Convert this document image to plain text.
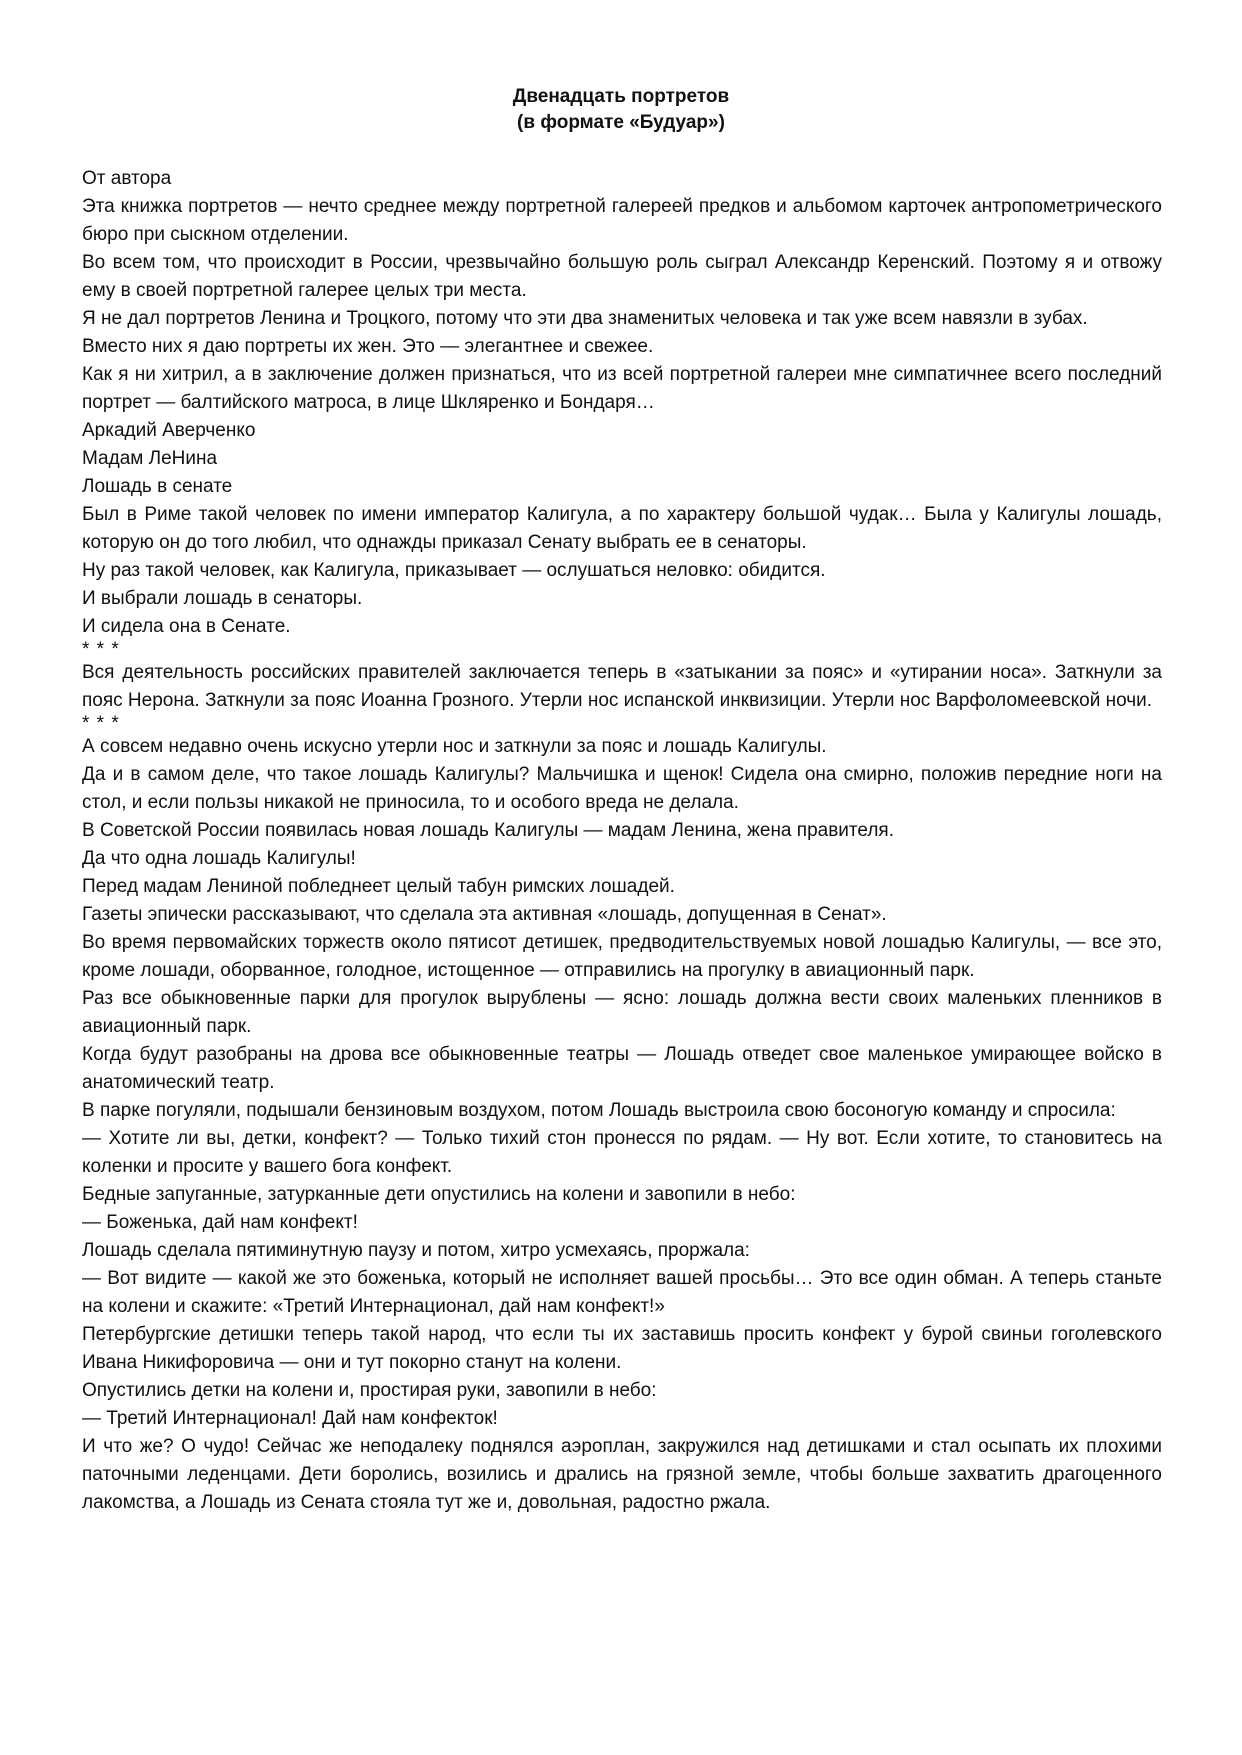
Двенадцать портретов

(в формате «Будуар»)

От автора

Эта книжка портретов — нечто среднее между портретной галереей предков и альбомом карточек антропометрического бюро при сыскном отделении.

Во всем том, что происходит в России, чрезвычайно большую роль сыграл Александр Керенский. Поэтому я и отвожу ему в своей портретной галерее целых три места.

Я не дал портретов Ленина и Троцкого, потому что эти два знаменитых человека и так уже всем навязли в зубах.

Вместо них я даю портреты их жен. Это — элегантнее и свежее.

Как я ни хитрил, а в заключение должен признаться, что из всей портретной галереи мне симпатичнее всего последний портрет — балтийского матроса, в лице Шкляренко и Бондаря…

Аркадий Аверченко

Мадам ЛеНина

Лошадь в сенате

Был в Риме такой человек по имени император Калигула, а по характеру большой чудак… Была у Калигулы лошадь, которую он до того любил, что однажды приказал Сенату выбрать ее в сенаторы.

Ну раз такой человек, как Калигула, приказывает — ослушаться неловко: обидится.

И выбрали лошадь в сенаторы.

И сидела она в Сенате.

* * *

Вся деятельность российских правителей заключается теперь в «затыкании за пояс» и «утирании носа». Заткнули за пояс Нерона. Заткнули за пояс Иоанна Грозного. Утерли нос испанской инквизиции. Утерли нос Варфоломеевской ночи.

* * *

А совсем недавно очень искусно утерли нос и заткнули за пояс и лошадь Калигулы.

Да и в самом деле, что такое лошадь Калигулы? Мальчишка и щенок! Сидела она смирно, положив передние ноги на стол, и если пользы никакой не приносила, то и особого вреда не делала.

В Советской России появилась новая лошадь Калигулы — мадам Ленина, жена правителя.

Да что одна лошадь Калигулы!

Перед мадам Лениной побледнеет целый табун римских лошадей.

Газеты эпически рассказывают, что сделала эта активная «лошадь, допущенная в Сенат».

Во время первомайских торжеств около пятисот детишек, предводительствуемых новой лошадью Калигулы, — все это, кроме лошади, оборванное, голодное, истощенное — отправились на прогулку в авиационный парк.

Раз все обыкновенные парки для прогулок вырублены — ясно: лошадь должна вести своих маленьких пленников в авиационный парк.

Когда будут разобраны на дрова все обыкновенные театры — Лошадь отведет свое маленькое умирающее войско в анатомический театр.

В парке погуляли, подышали бензиновым воздухом, потом Лошадь выстроила свою босоногую команду и спросила:

— Хотите ли вы, детки, конфект? — Только тихий стон пронесся по рядам. — Ну вот. Если хотите, то становитесь на коленки и просите у вашего бога конфект.

Бедные запуганные, затурканные дети опустились на колени и завопили в небо:

— Боженька, дай нам конфект!

Лошадь сделала пятиминутную паузу и потом, хитро усмехаясь, проржала:

— Вот видите — какой же это боженька, который не исполняет вашей просьбы… Это все один обман. А теперь станьте на колени и скажите: «Третий Интернационал, дай нам конфект!»

Петербургские детишки теперь такой народ, что если ты их заставишь просить конфект у бурой свиньи гоголевского Ивана Никифоровича — они и тут покорно станут на колени.

Опустились детки на колени и, простирая руки, завопили в небо:

— Третий Интернационал! Дай нам конфекток!

И что же? О чудо! Сейчас же неподалеку поднялся аэроплан, закружился над детишками и стал осыпать их плохими паточными леденцами. Дети боролись, возились и дрались на грязной земле, чтобы больше захватить драгоценного лакомства, а Лошадь из Сената стояла тут же и, довольная, радостно ржала.
